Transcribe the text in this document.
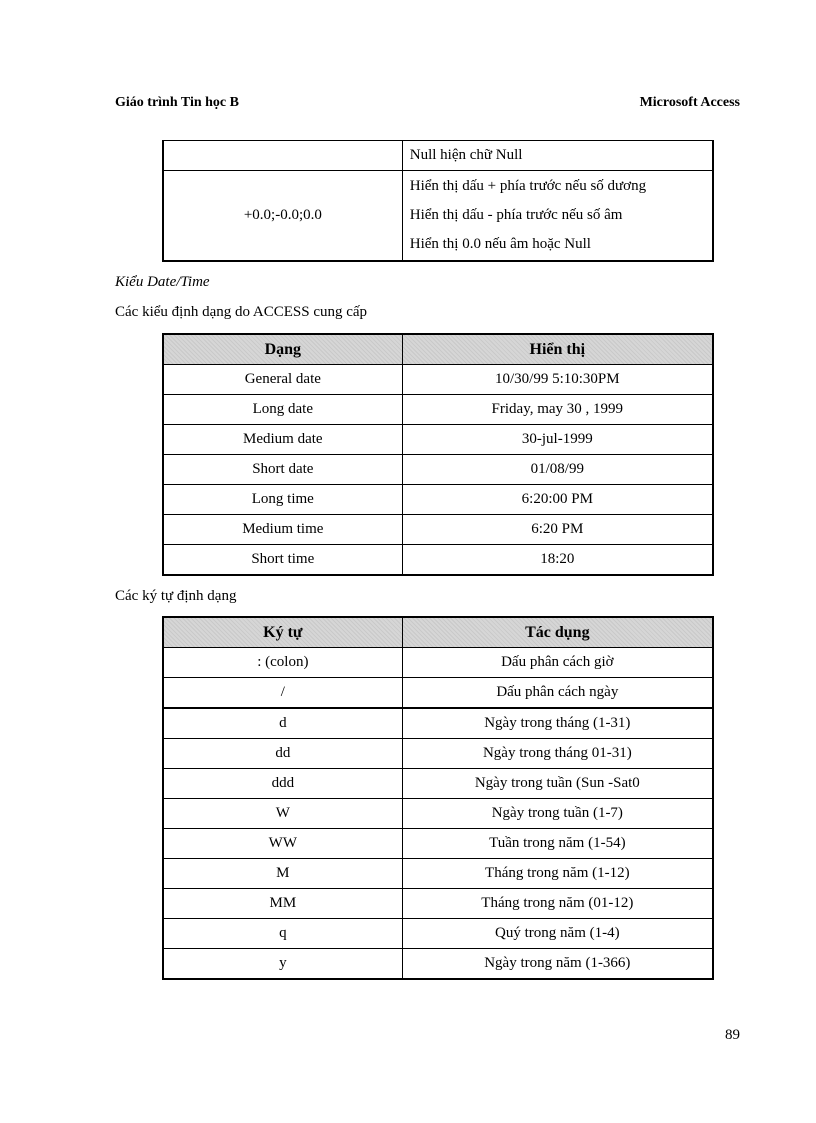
Giáo trình Tin học B	Microsoft Access

	Null hiện chữ Null

+0.0;-0.0;0.0	Hiển thị dấu + phía trước nếu số dương
Hiển thị dấu - phía trước nếu số âm
Hiển thị 0.0 nếu âm hoặc Null
Kiểu Date/Time
Các kiểu định dạng do ACCESS cung cấp
Dạng	Hiển thị
General date	10/30/99 5:10:30PM
Long date	Friday, may 30 , 1999
Medium date	30-jul-1999
Short date	01/08/99
Long time	6:20:00 PM
Medium time	6:20 PM
Short time	18:20
Các ký tự định dạng
Ký tự	Tác dụng
: (colon)	Dấu phân cách giờ
/	Dấu phân cách ngày
d	Ngày trong tháng (1-31)
dd	Ngày trong tháng 01-31)
ddd	Ngày trong tuần (Sun -Sat0
W	Ngày trong tuần (1-7)
WW	Tuần trong năm (1-54)
M	Tháng trong năm (1-12)
MM	Tháng trong năm (01-12)
q	Quý trong năm (1-4)
y	Ngày trong năm (1-366)
89
